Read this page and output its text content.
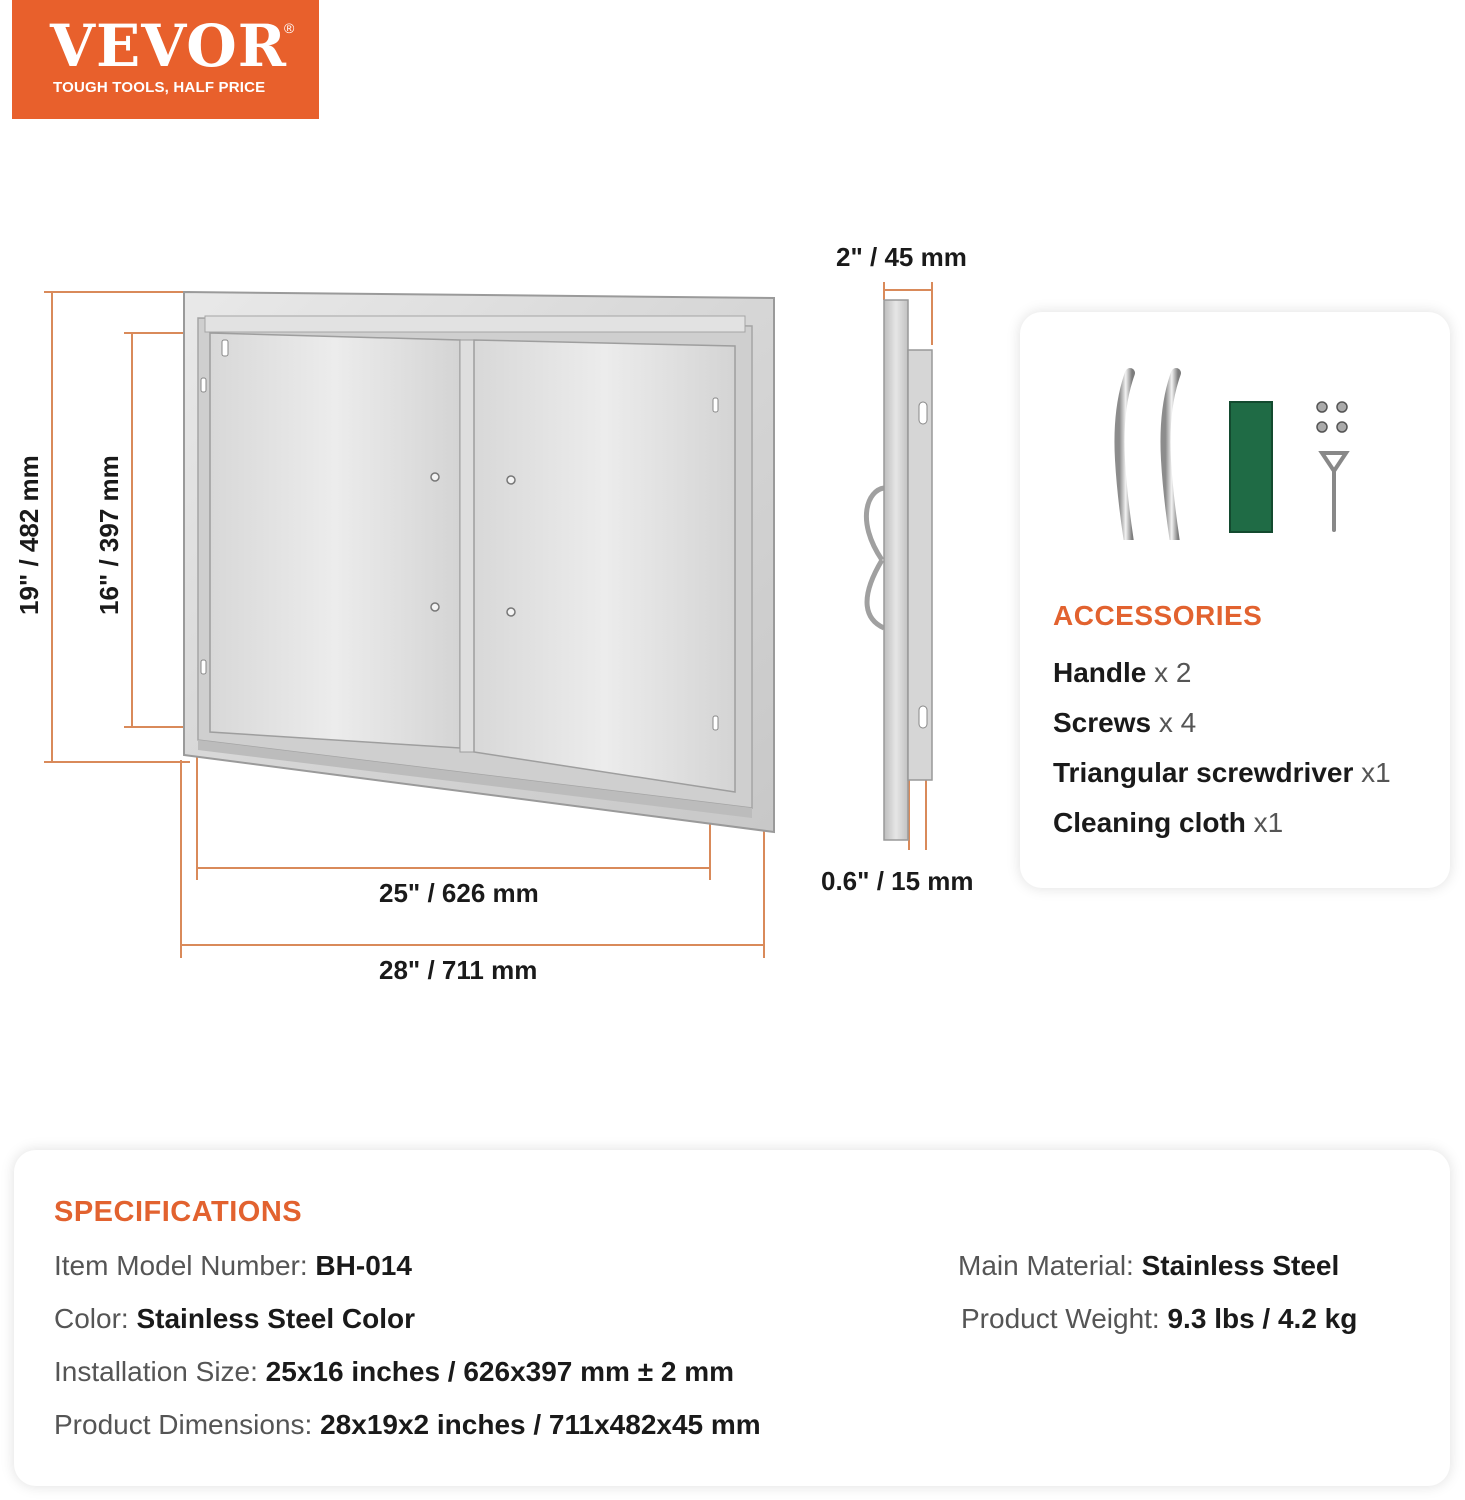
VEVOR
®
TOUGH TOOLS, HALF PRICE
19" / 482 mm 16" / 397 mm
25" / 626 mm
28" / 711 mm
2" / 45 mm
0.6" / 15 mm
ACCESSORIES
Handle x 2
Screws x 4
Triangular screwdriver x1
Cleaning cloth x1
SPECIFICATIONS
Item Model Number: BH-014
Color: Stainless Steel Color
Installation Size: 25x16 inches / 626x397 mm ± 2 mm
Product Dimensions: 28x19x2 inches / 711x482x45 mm
Main Material: Stainless Steel
Product Weight: 9.3 lbs / 4.2 kg
